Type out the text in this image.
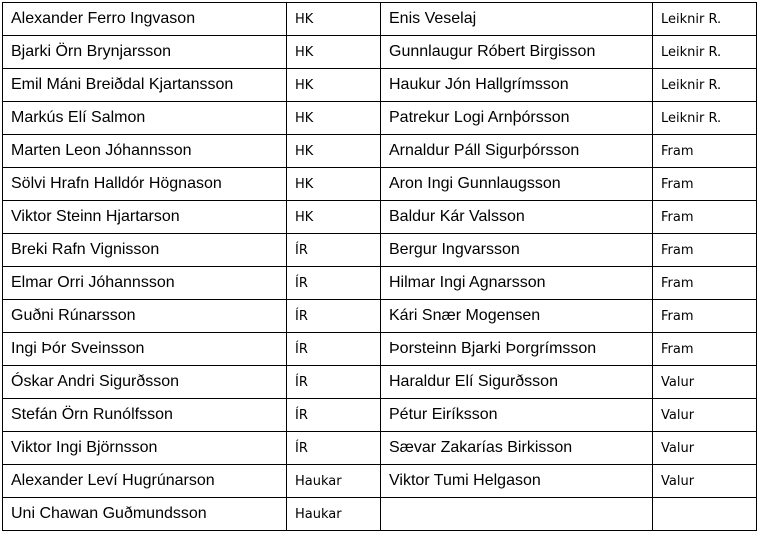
Alexander Ferro Ingvason	HK	Enis Veselaj	Leiknir R.
Bjarki Örn Brynjarsson	HK	Gunnlaugur Róbert Birgisson	Leiknir R.
Emil Máni Breiðdal Kjartansson	HK	Haukur Jón Hallgrímsson	Leiknir R.
Markús Elí Salmon	HK	Patrekur Logi Arnþórsson	Leiknir R.
Marten Leon Jóhannsson	HK	Arnaldur Páll Sigurþórsson	Fram
Sölvi Hrafn Halldór Högnason	HK	Aron Ingi Gunnlaugsson	Fram
Viktor Steinn Hjartarson	HK	Baldur Kár Valsson	Fram
Breki Rafn Vignisson	ÍR	Bergur Ingvarsson	Fram
Elmar Orri Jóhannsson	ÍR	Hilmar Ingi Agnarsson	Fram
Guðni Rúnarsson	ÍR	Kári Snær Mogensen	Fram
Ingi Þór Sveinsson	ÍR	Þorsteinn Bjarki Þorgrímsson	Fram
Óskar Andri Sigurðsson	ÍR	Haraldur Elí Sigurðsson	Valur
Stefán Örn Runólfsson	ÍR	Pétur Eiríksson	Valur
Viktor Ingi Björnsson	ÍR	Sævar Zakarías Birkisson	Valur
Alexander Leví Hugrúnarson	Haukar	Viktor Tumi Helgason	Valur
Uni Chawan Guðmundsson	Haukar		
